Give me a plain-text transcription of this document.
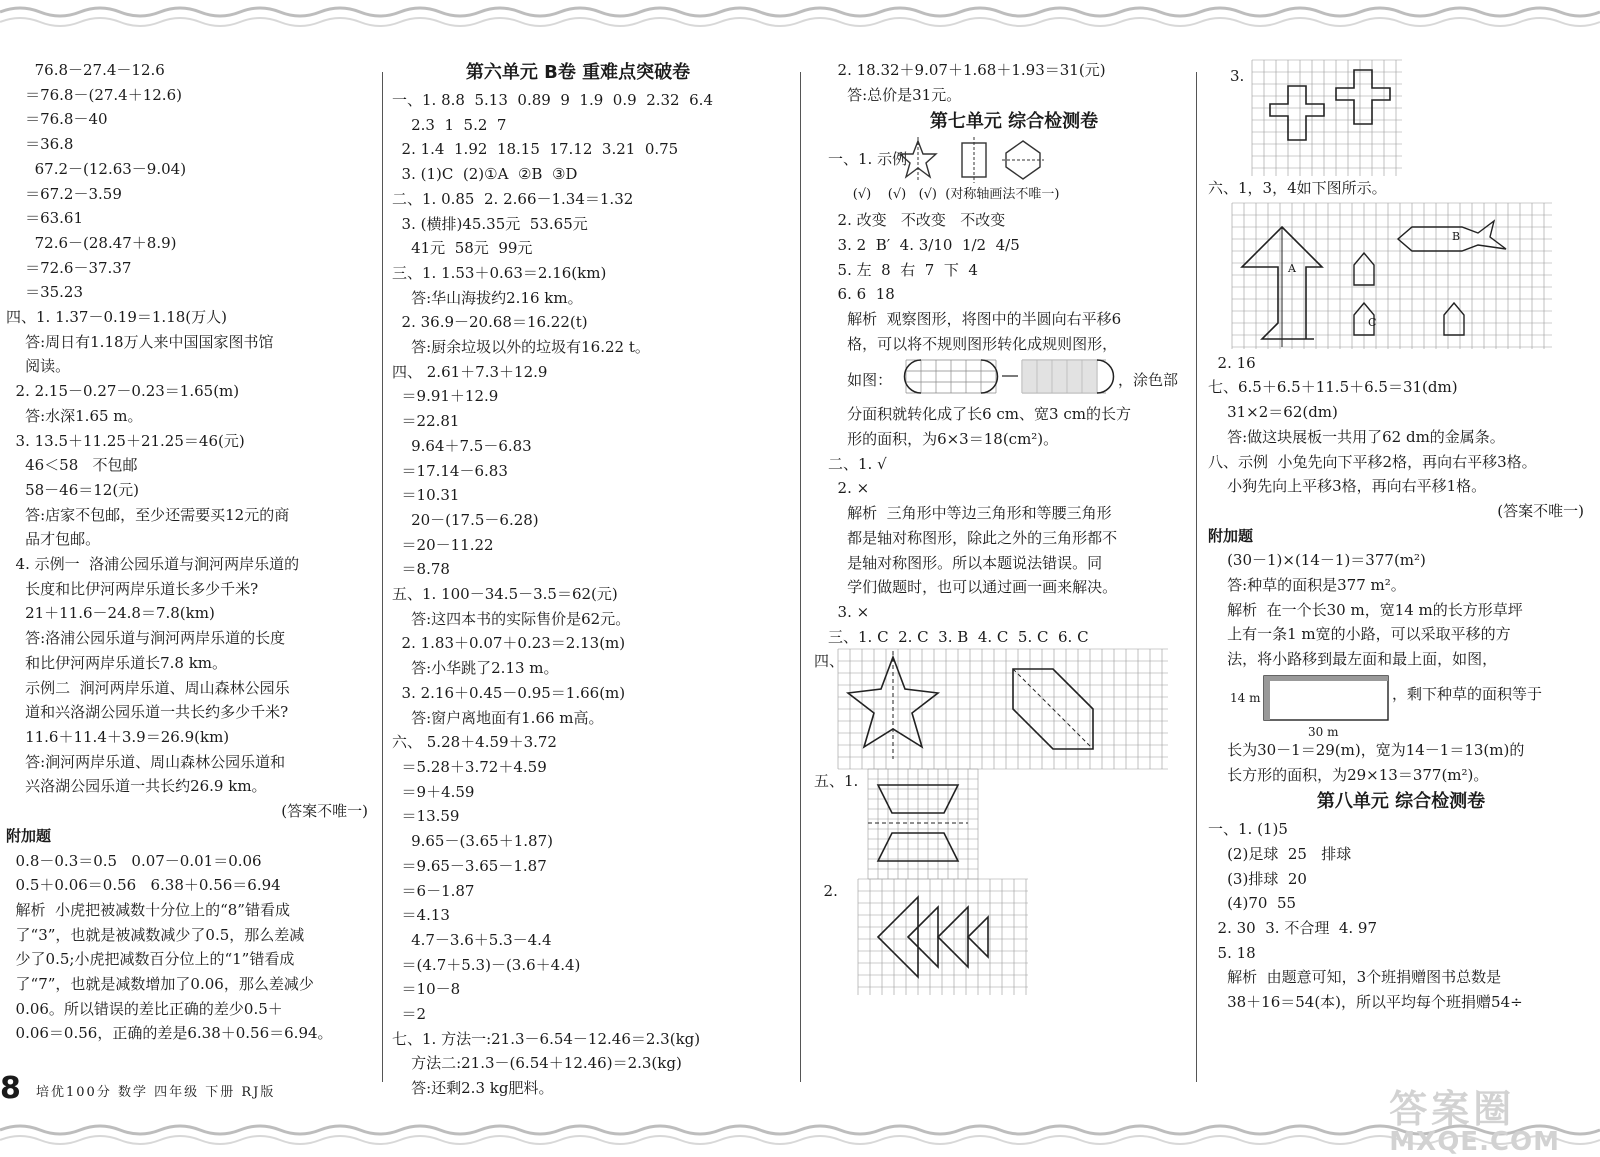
76.8－27.4－12.6
＝76.8－(27.4＋12.6)
＝76.8－40
＝36.8
67.2－(12.63－9.04)
＝67.2－3.59
＝63.61
72.6－(28.47＋8.9)
＝72.6－37.37
＝35.23
四、1. 1.37－0.19＝1.18(万人)
答:周日有1.18万人来中国国家图书馆
阅读。
2. 2.15－0.27－0.23＝1.65(m)
答:水深1.65 m。
3. 13.5＋11.25＋21.25＝46(元)
46＜58   不包邮
58－46＝12(元)
答:店家不包邮，至少还需要买12元的商
品才包邮。
4. 示例一  洛浦公园乐道与涧河两岸乐道的
长度和比伊河两岸乐道长多少千米?
21＋11.6－24.8＝7.8(km)
答:洛浦公园乐道与涧河两岸乐道的长度
和比伊河两岸乐道长7.8 km。
示例二  涧河两岸乐道、周山森林公园乐
道和兴洛湖公园乐道一共长约多少千米?
11.6＋11.4＋3.9＝26.9(km)
答:涧河两岸乐道、周山森林公园乐道和
兴洛湖公园乐道一共长约26.9 km。
(答案不唯一)
附加题
0.8－0.3＝0.5   0.07－0.01＝0.06
0.5＋0.06＝0.56   6.38＋0.56＝6.94
解析  小虎把被减数十分位上的“8”错看成
了“3”，也就是被减数减少了0.5，那么差减
少了0.5;小虎把减数百分位上的“1”错看成
了“7”，也就是减数增加了0.06，那么差减少
0.06。所以错误的差比正确的差少0.5＋
0.06＝0.56，正确的差是6.38＋0.56＝6.94。
第六单元 B卷 重难点突破卷
一、1. 8.8  5.13  0.89  9  1.9  0.9  2.32  6.4
2.3  1  5.2  7
2. 1.4  1.92  18.15  17.12  3.21  0.75
3. (1)C  (2)①A  ②B  ③D
二、1. 0.85  2. 2.66－1.34＝1.32
3. (横排)45.35元  53.65元
41元  58元  99元
三、1. 1.53＋0.63＝2.16(km)
答:华山海拔约2.16 km。
2. 36.9－20.68＝16.22(t)
答:厨余垃圾以外的垃圾有16.22 t。
四、 2.61＋7.3＋12.9
＝9.91＋12.9
＝22.81
9.64＋7.5－6.83
＝17.14－6.83
＝10.31
20－(17.5－6.28)
＝20－11.22
＝8.78
五、1. 100－34.5－3.5＝62(元)
答:这四本书的实际售价是62元。
2. 1.83＋0.07＋0.23＝2.13(m)
答:小华跳了2.13 m。
3. 2.16＋0.45－0.95＝1.66(m)
答:窗户离地面有1.66 m高。
六、 5.28＋4.59＋3.72
＝5.28＋3.72＋4.59
＝9＋4.59
＝13.59
9.65－(3.65＋1.87)
＝9.65－3.65－1.87
＝6－1.87
＝4.13
4.7－3.6＋5.3－4.4
＝(4.7＋5.3)－(3.6＋4.4)
＝10－8
＝2
七、1. 方法一:21.3－6.54－12.46＝2.3(kg)
方法二:21.3－(6.54＋12.46)＝2.3(kg)
答:还剩2.3 kg肥料。
2. 18.32＋9.07＋1.68＋1.93＝31(元)
答:总价是31元。
第七单元 综合检测卷
一、1. 示例
(√)    (√)   (√)  (对称轴画法不唯一)
2. 改变   不改变   不改变
3. 2  B′  4. 3/10  1/2  4/5
5. 左  8  右  7  下  4
6. 6  18
解析  观察图形，将图中的半圆向右平移6
格，可以将不规则图形转化成规则图形，
如图：	，涂色部
分面积就转化成了长6 cm、宽3 cm的长方
形的面积，为6×3＝18(cm²)。
二、1. √
2. ×
解析  三角形中等边三角形和等腰三角形
都是轴对称图形，除此之外的三角形都不
是轴对称图形。所以本题说法错误。同
学们做题时，也可以通过画一画来解决。
3. ×
三、1. C  2. C  3. B  4. C  5. C  6. C
四、
五、1.
2.
3.
六、1，3，4如下图所示。
B
C
A
2. 16
七、6.5＋6.5＋11.5＋6.5＝31(dm)
31×2＝62(dm)
答:做这块展板一共用了62 dm的金属条。
八、示例  小兔先向下平移2格，再向右平移3格。
小狗先向上平移3格，再向右平移1格。
(答案不唯一)
附加题
(30－1)×(14－1)＝377(m²)
答:种草的面积是377 m²。
解析  在一个长30 m，宽14 m的长方形草坪
上有一条1 m宽的小路，可以采取平移的方
法，将小路移到最左面和最上面，如图，
14 m
30 m
，剩下种草的面积等于
长为30－1＝29(m)，宽为14－1＝13(m)的
长方形的面积，为29×13＝377(m²)。
第八单元 综合检测卷
一、1. (1)5
(2)足球  25   排球
(3)排球  20
(4)70  55
2. 30  3. 不合理  4. 97
5. 18
解析  由题意可知，3个班捐赠图书总数是
38＋16＝54(本)，所以平均每个班捐赠54÷
8 培优100分 数学 四年级 下册 RJ版	答案圈
MXQE.COM
